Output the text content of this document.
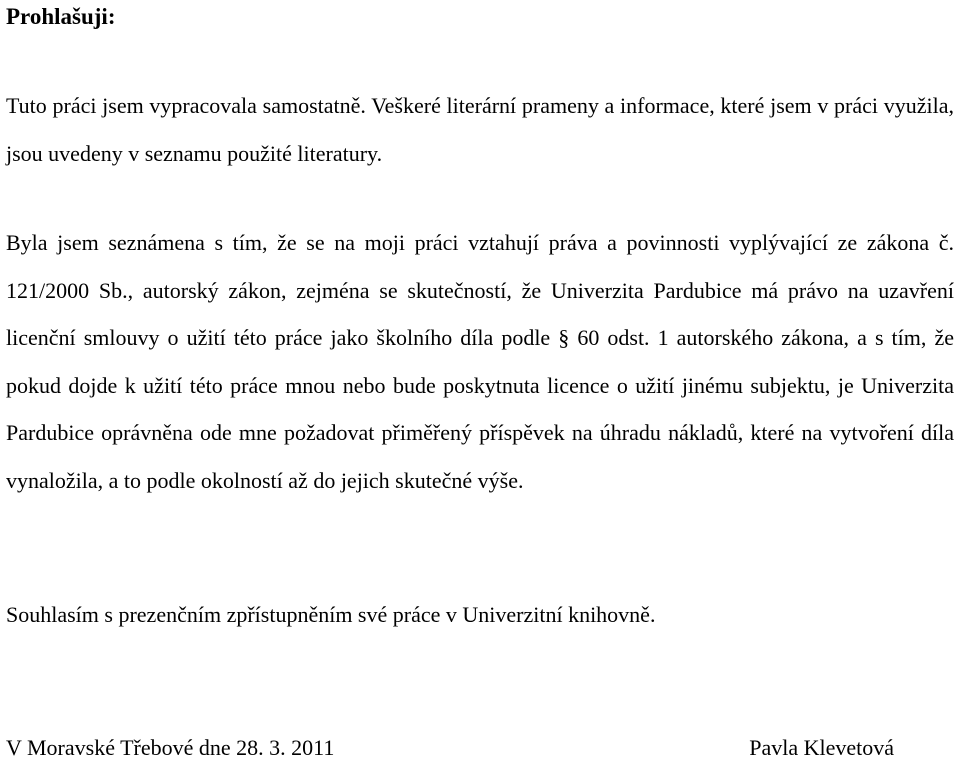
Prohlašuji:

Tuto práci jsem vypracovala samostatně. Veškeré literární prameny a informace, které jsem v práci využila, jsou uvedeny v seznamu použité literatury.

Byla jsem seznámena s tím, že se na moji práci vztahují práva a povinnosti vyplývající ze zákona č. 121/2000 Sb., autorský zákon, zejména se skutečností, že Univerzita Pardubice má právo na uzavření licenční smlouvy o užití této práce jako školního díla podle § 60 odst. 1 autorského zákona, a s tím, že pokud dojde k užití této práce mnou nebo bude poskytnuta licence o užití jinému subjektu, je Univerzita Pardubice oprávněna ode mne požadovat přiměřený příspěvek na úhradu nákladů, které na vytvoření díla vynaložila, a to podle okolností až do jejich skutečné výše.

Souhlasím s prezenčním zpřístupněním své práce v Univerzitní knihovně.

V Moravské Třebové dne 28. 3. 2011	Pavla Klevetová
